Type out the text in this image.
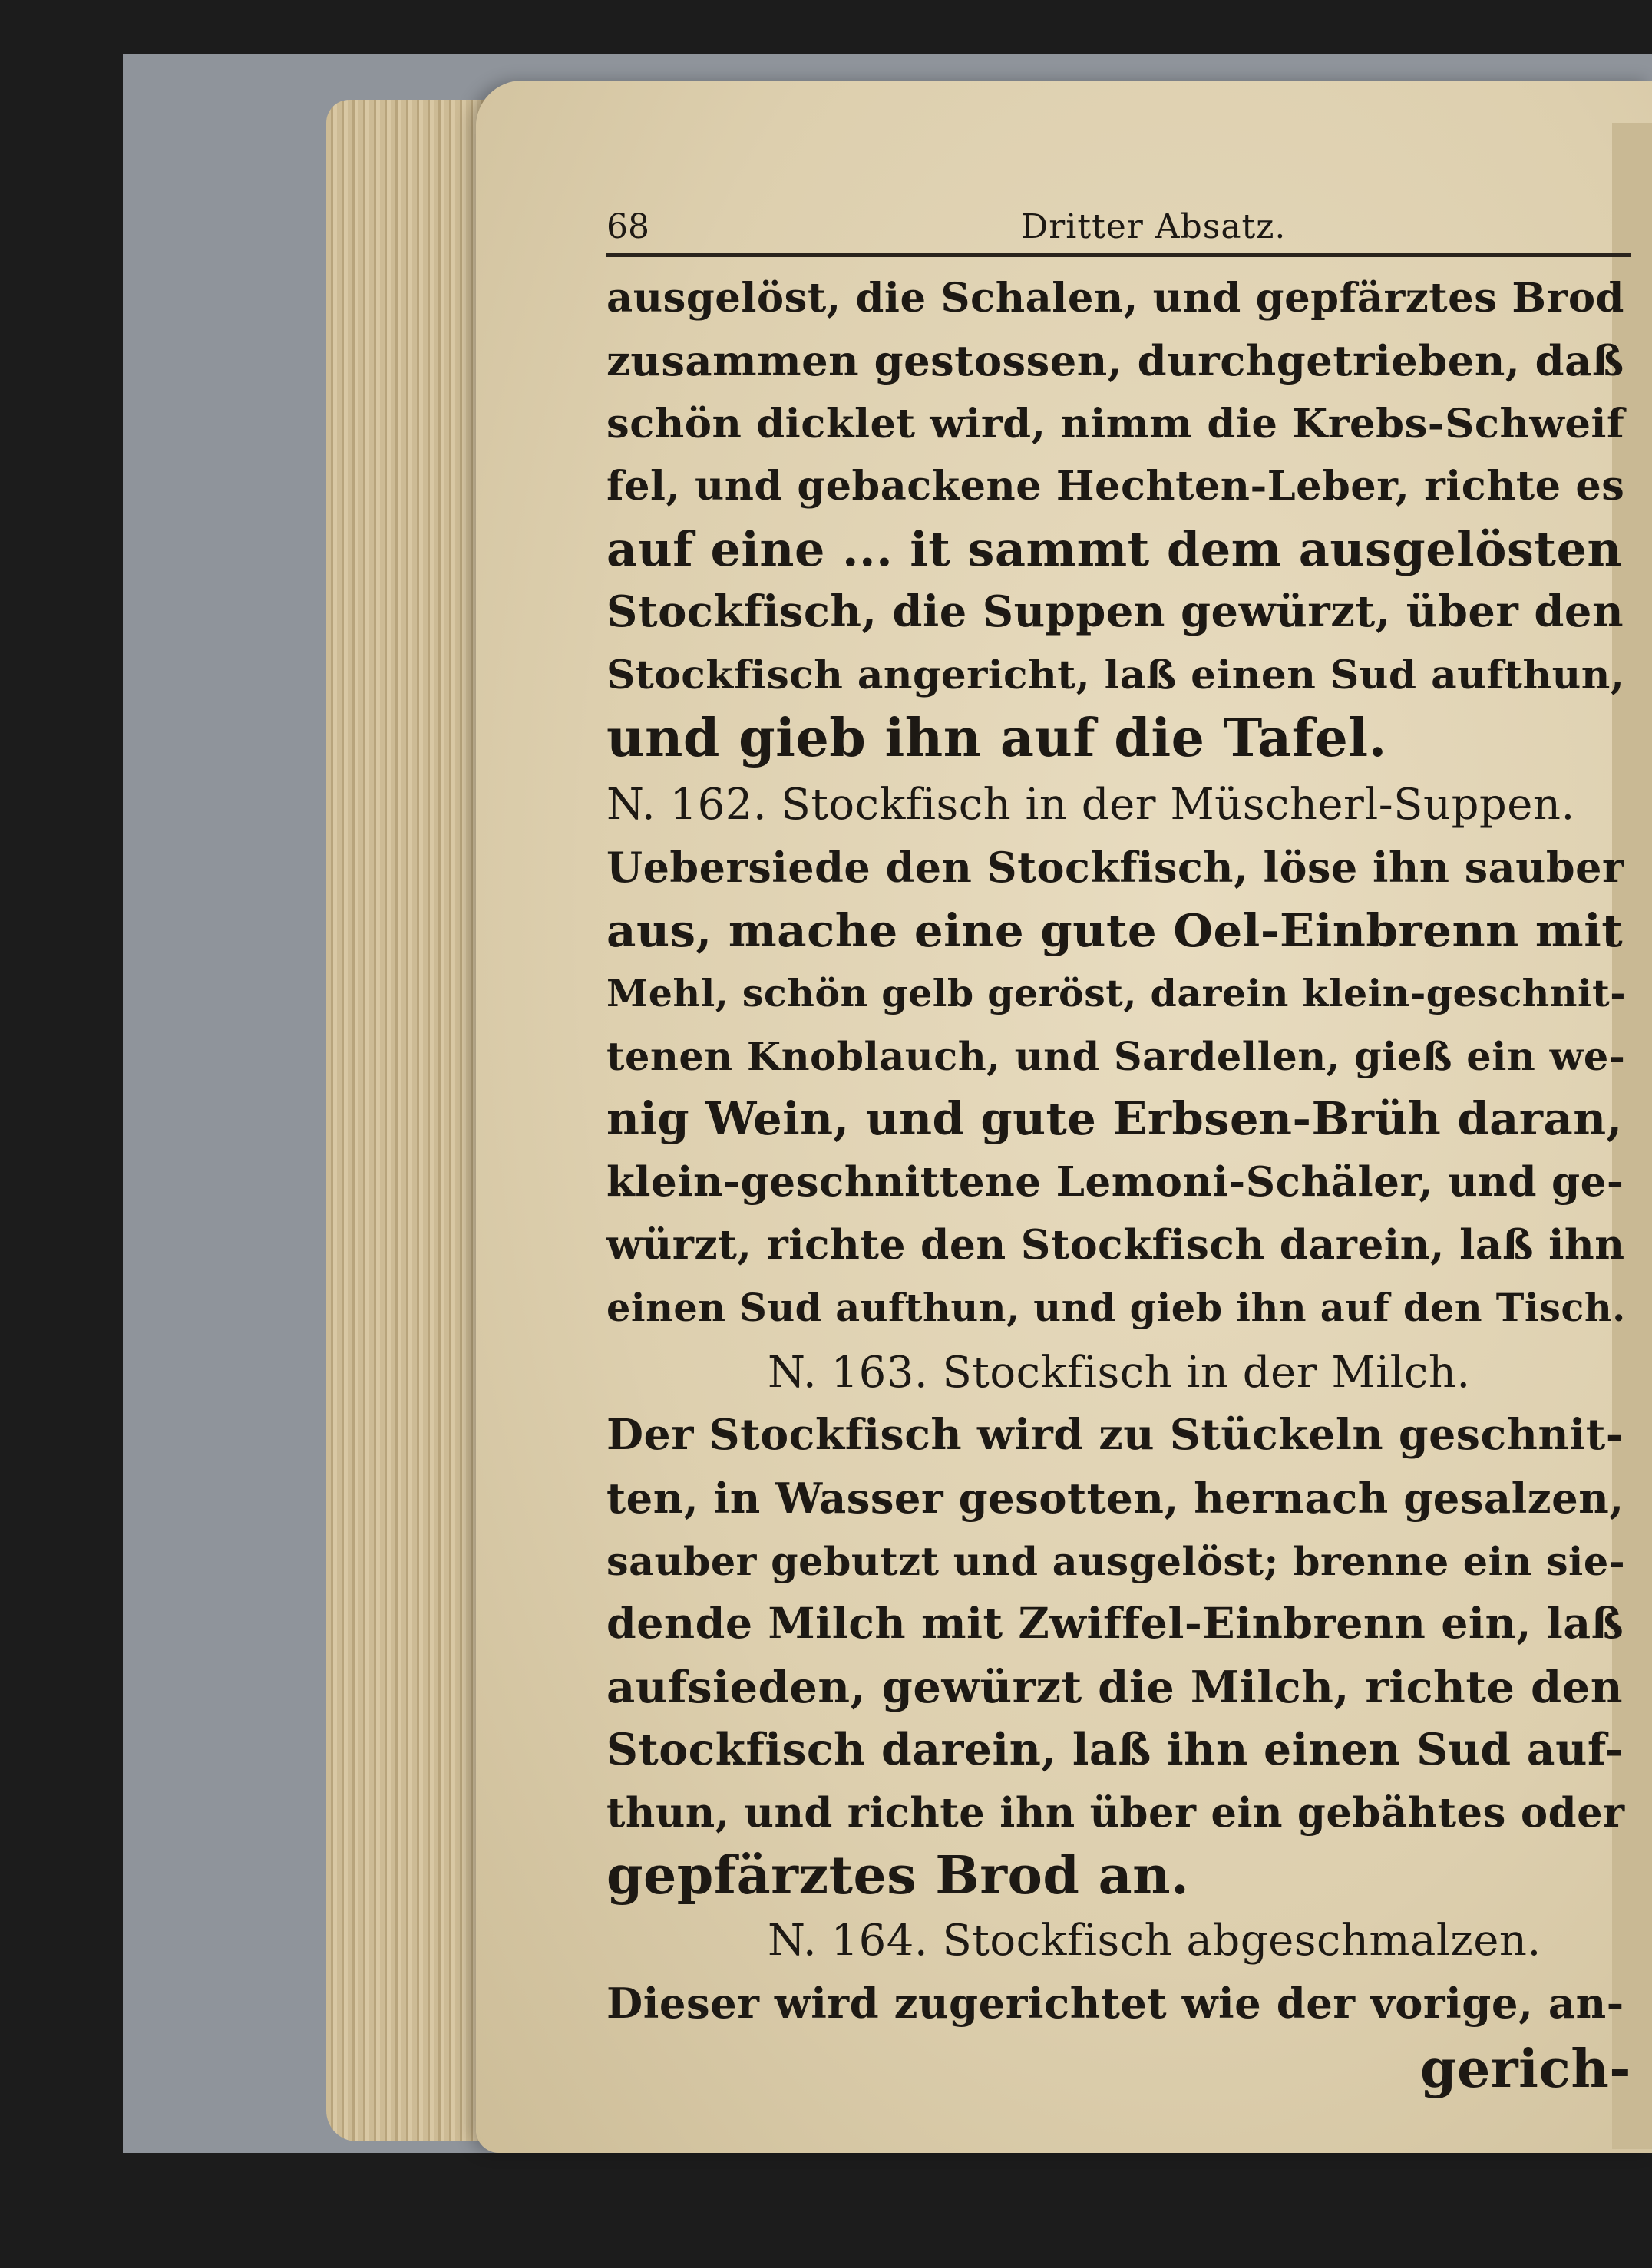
68	Dritter Absatz.
ausgelöst, die Schalen, und gepfärztes Brod
zusammen gestossen, durchgetrieben, daß
schön dicklet wird, nimm die Krebs-Schweif
fel, und gebackene Hechten-Leber, richte es
auf eine ... it sammt dem ausgelösten
Stockfisch, die Suppen gewürzt, über den
Stockfisch angericht, laß einen Sud aufthun,
und gieb ihn auf die Tafel.
N. 162. Stockfisch in der Müscherl-Suppen.
Uebersiede den Stockfisch, löse ihn sauber
aus, mache eine gute Oel-Einbrenn mit
Mehl, schön gelb geröst, darein klein-geschnit-
tenen Knoblauch, und Sardellen, gieß ein we-
nig Wein, und gute Erbsen-Brüh daran,
klein-geschnittene Lemoni-Schäler, und ge-
würzt, richte den Stockfisch darein, laß ihn
einen Sud aufthun, und gieb ihn auf den Tisch.
N. 163. Stockfisch in der Milch.
Der Stockfisch wird zu Stückeln geschnit-
ten, in Wasser gesotten, hernach gesalzen,
sauber gebutzt und ausgelöst; brenne ein sie-
dende Milch mit Zwiffel-Einbrenn ein, laß
aufsieden, gewürzt die Milch, richte den
Stockfisch darein, laß ihn einen Sud auf-
thun, und richte ihn über ein gebähtes oder
gepfärztes Brod an.
N. 164. Stockfisch abgeschmalzen.
Dieser wird zugerichtet wie der vorige, an-
gerich-
